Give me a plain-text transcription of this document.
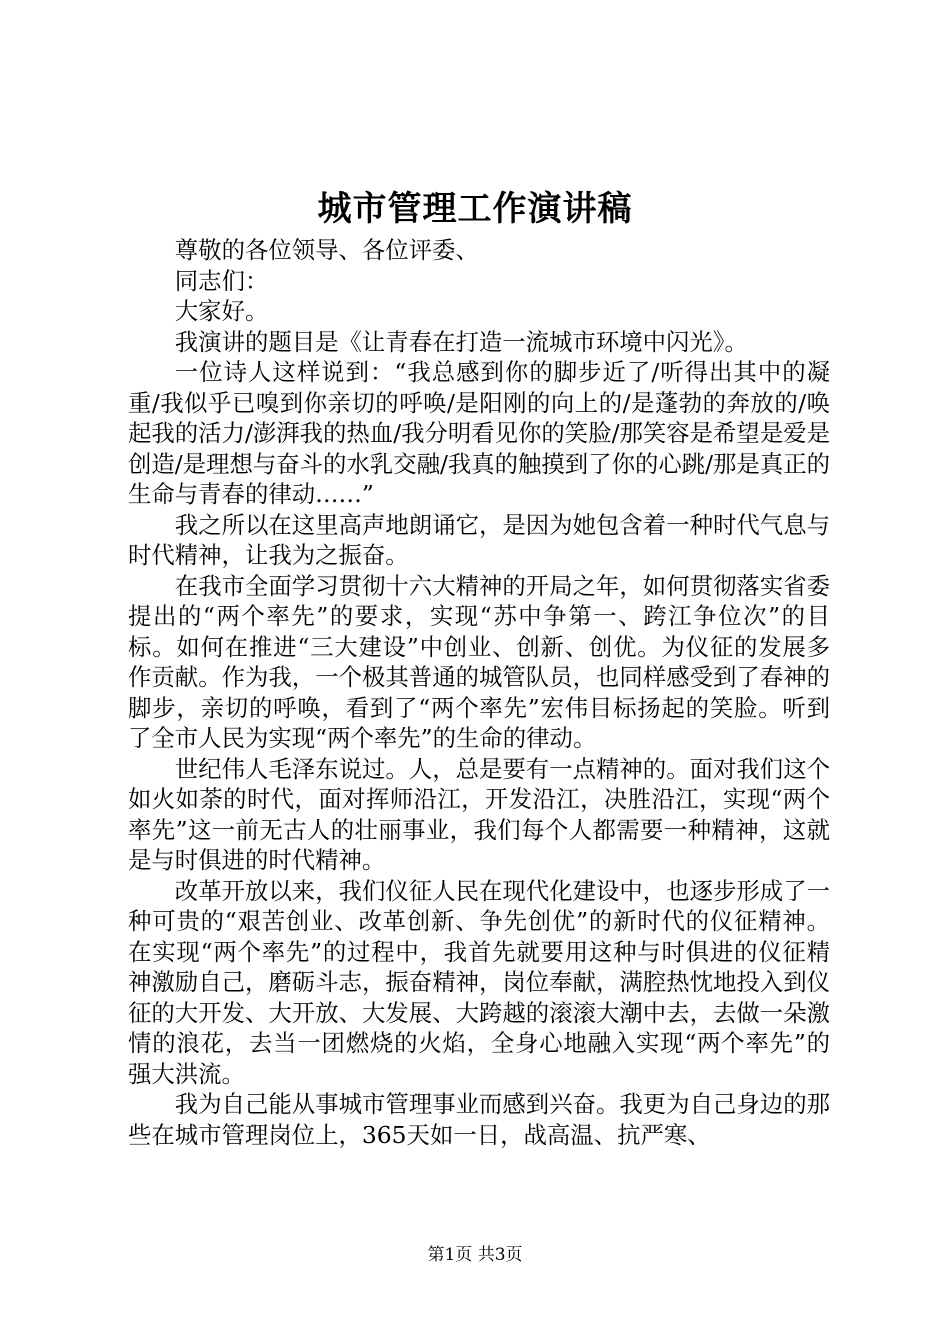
城市管理工作演讲稿

尊敬的各位领导、各位评委、

同志们：

大家好。

我演讲的题目是《让青春在打造一流城市环境中闪光》。

一位诗人这样说到：“我总感到你的脚步近了/听得出其中的凝重/我似乎已嗅到你亲切的呼唤/是阳刚的向上的/是蓬勃的奔放的/唤起我的活力/澎湃我的热血/我分明看见你的笑脸/那笑容是希望是爱是创造/是理想与奋斗的水乳交融/我真的触摸到了你的心跳/那是真正的生命与青春的律动……”

我之所以在这里高声地朗诵它，是因为她包含着一种时代气息与时代精神，让我为之振奋。

在我市全面学习贯彻十六大精神的开局之年，如何贯彻落实省委提出的“两个率先”的要求，实现“苏中争第一、跨江争位次”的目标。如何在推进“三大建设”中创业、创新、创优。为仪征的发展多作贡献。作为我，一个极其普通的城管队员，也同样感受到了春神的脚步，亲切的呼唤，看到了“两个率先”宏伟目标扬起的笑脸。听到了全市人民为实现“两个率先”的生命的律动。

世纪伟人毛泽东说过。人，总是要有一点精神的。面对我们这个如火如荼的时代，面对挥师沿江，开发沿江，决胜沿江，实现“两个率先”这一前无古人的壮丽事业，我们每个人都需要一种精神，这就是与时俱进的时代精神。

改革开放以来，我们仪征人民在现代化建设中，也逐步形成了一种可贵的“艰苦创业、改革创新、争先创优”的新时代的仪征精神。在实现“两个率先”的过程中，我首先就要用这种与时俱进的仪征精神激励自己，磨砺斗志，振奋精神，岗位奉献，满腔热忱地投入到仪征的大开发、大开放、大发展、大跨越的滚滚大潮中去，去做一朵激情的浪花，去当一团燃烧的火焰，全身心地融入实现“两个率先”的强大洪流。

我为自己能从事城市管理事业而感到兴奋。我更为自己身边的那些在城市管理岗位上，365天如一日，战高温、抗严寒、

第1页 共3页
